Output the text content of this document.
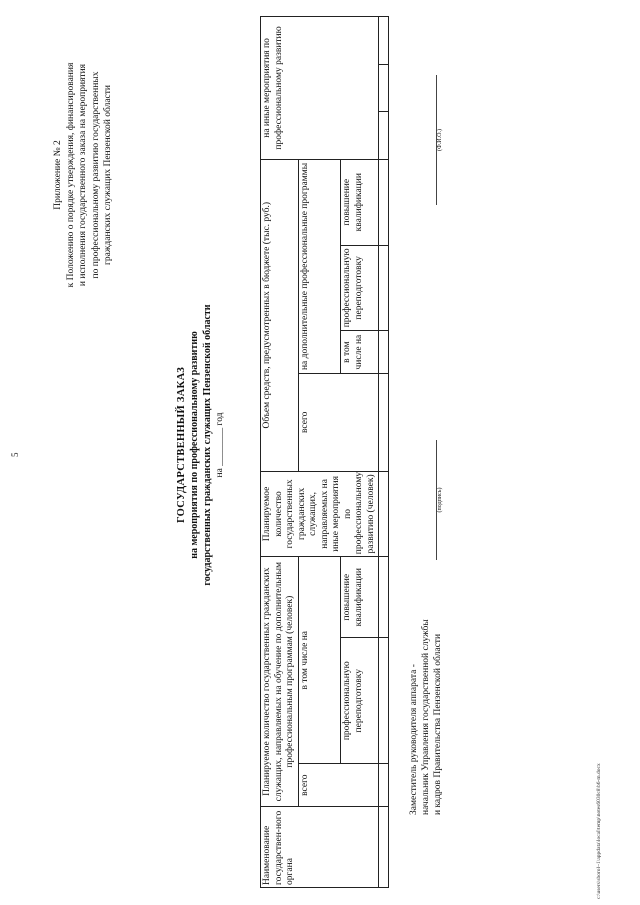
5
Приложение № 2 к Положению о порядке утверждения, финансирования и исполнения государственного заказа на мероприятия по профессиональному развитию государственных гражданских служащих Пензенской области
ГОСУДАРСТВЕННЫЙ ЗАКАЗ на мероприятия по профессиональному развитию государственных гражданских служащих Пензенской области на ________ год
Наименование государствен-ного органа	Планируемое количество государственных гражданских служащих, направляемых на обучение по дополнительным профессиональным программам (человек)			Планируемое количество государственных гражданских служащих, направляемых на иные мероприятия по профессиональному развитию (человек)	Объем средств, предусмотренных в бюджете (тыс. руб.)				на иные мероприятия по профессиональному развитию		
	всего	в том числе на			всего	на дополнительные профессиональные программы					
		профессиональную переподготовку	повышение квалификации			в том числе на	профессиональную переподготовку	повышение квалификации			

Заместитель руководителя аппарата - начальник Управления государственной службы и кадров Правительства Пензенской области
(подпись)
(Ф.И.О.)
c:\users\sborol~1\appdata\local\temp\notes6030c8\b6-m.docx
